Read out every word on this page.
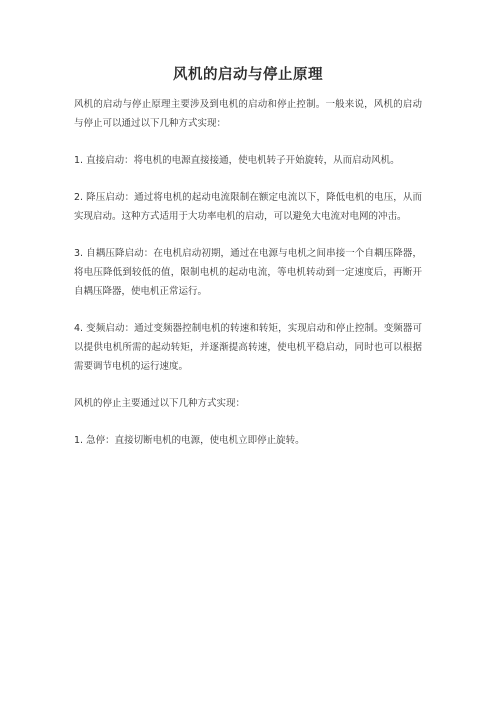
风机的启动与停止原理

风机的启动与停止原理主要涉及到电机的启动和停止控制。一般来说，风机的启动与停止可以通过以下几种方式实现：

1. 直接启动：将电机的电源直接接通，使电机转子开始旋转，从而启动风机。

2. 降压启动：通过将电机的起动电流限制在额定电流以下，降低电机的电压，从而实现启动。这种方式适用于大功率电机的启动，可以避免大电流对电网的冲击。

3. 自耦压降启动：在电机启动初期，通过在电源与电机之间串接一个自耦压降器，将电压降低到较低的值，限制电机的起动电流，等电机转动到一定速度后，再断开自耦压降器，使电机正常运行。

4. 变频启动：通过变频器控制电机的转速和转矩，实现启动和停止控制。变频器可以提供电机所需的起动转矩，并逐渐提高转速，使电机平稳启动，同时也可以根据需要调节电机的运行速度。

风机的停止主要通过以下几种方式实现：

1. 急停：直接切断电机的电源，使电机立即停止旋转。
